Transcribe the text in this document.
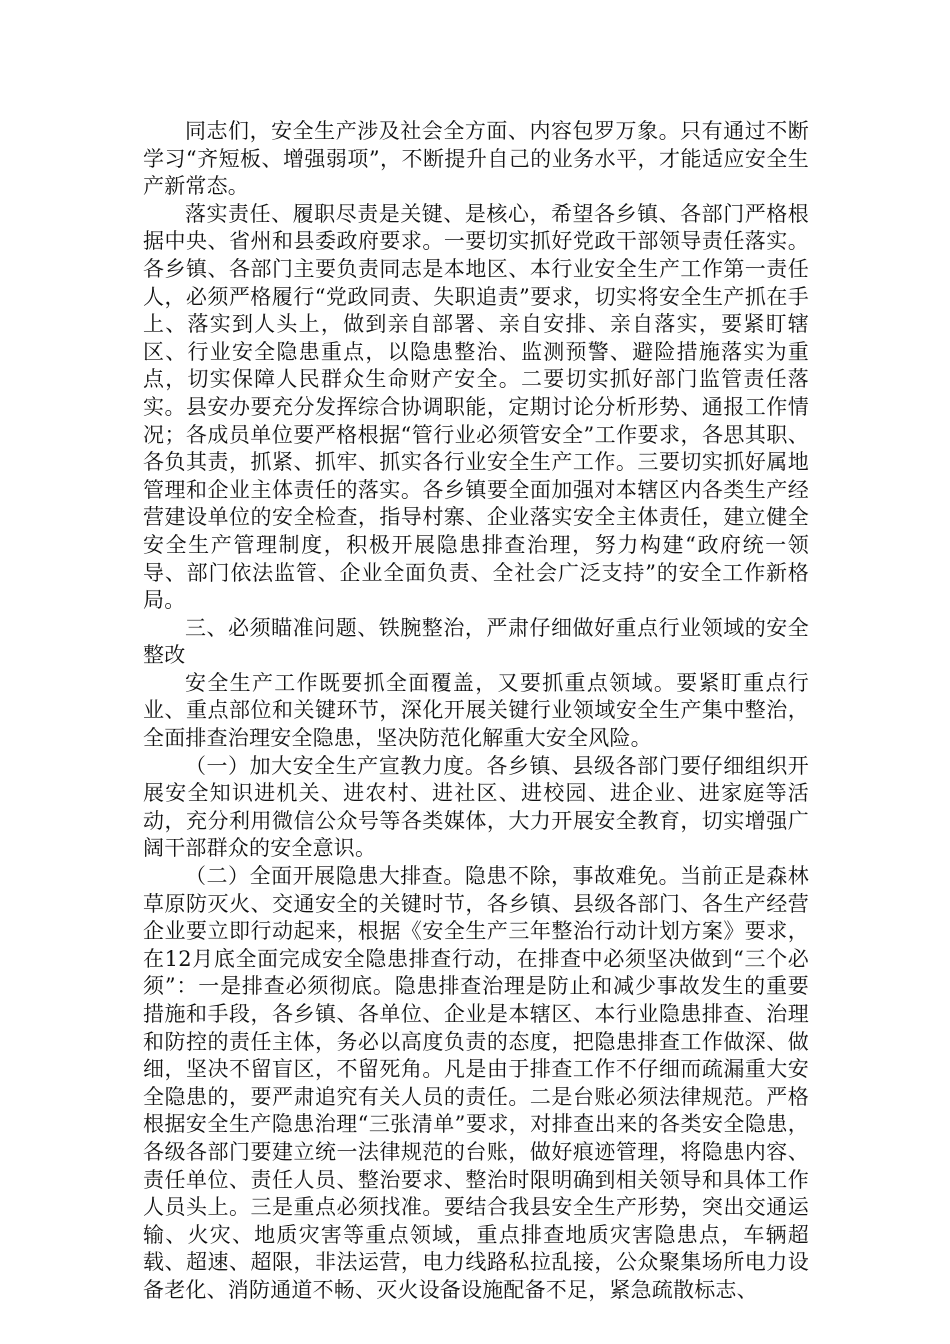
同志们，安全生产涉及社会全方面、内容包罗万象。只有通过不断学习“齐短板、增强弱项”，不断提升自己的业务水平，才能适应安全生产新常态。

落实责任、履职尽责是关键、是核心，希望各乡镇、各部门严格根据中央、省州和县委政府要求。一要切实抓好党政干部领导责任落实。各乡镇、各部门主要负责同志是本地区、本行业安全生产工作第一责任人，必须严格履行“党政同责、失职追责”要求，切实将安全生产抓在手上、落实到人头上，做到亲自部署、亲自安排、亲自落实，要紧盯辖区、行业安全隐患重点，以隐患整治、监测预警、避险措施落实为重点，切实保障人民群众生命财产安全。二要切实抓好部门监管责任落实。县安办要充分发挥综合协调职能，定期讨论分析形势、通报工作情况；各成员单位要严格根据“管行业必须管安全”工作要求，各思其职、各负其责，抓紧、抓牢、抓实各行业安全生产工作。三要切实抓好属地管理和企业主体责任的落实。各乡镇要全面加强对本辖区内各类生产经营建设单位的安全检查，指导村寨、企业落实安全主体责任，建立健全安全生产管理制度，积极开展隐患排查治理，努力构建“政府统一领导、部门依法监管、企业全面负责、全社会广泛支持”的安全工作新格局。

三、必须瞄准问题、铁腕整治，严肃仔细做好重点行业领域的安全整改

安全生产工作既要抓全面覆盖，又要抓重点领域。要紧盯重点行业、重点部位和关键环节，深化开展关键行业领域安全生产集中整治，全面排查治理安全隐患，坚决防范化解重大安全风险。

（一）加大安全生产宣教力度。各乡镇、县级各部门要仔细组织开展安全知识进机关、进农村、进社区、进校园、进企业、进家庭等活动，充分利用微信公众号等各类媒体，大力开展安全教育，切实增强广阔干部群众的安全意识。

（二）全面开展隐患大排查。隐患不除，事故难免。当前正是森林草原防灭火、交通安全的关键时节，各乡镇、县级各部门、各生产经营企业要立即行动起来，根据《安全生产三年整治行动计划方案》要求，在12月底全面完成安全隐患排查行动，在排查中必须坚决做到“三个必须”：一是排查必须彻底。隐患排查治理是防止和减少事故发生的重要措施和手段，各乡镇、各单位、企业是本辖区、本行业隐患排查、治理和防控的责任主体，务必以高度负责的态度，把隐患排查工作做深、做细，坚决不留盲区，不留死角。凡是由于排查工作不仔细而疏漏重大安全隐患的，要严肃追究有关人员的责任。二是台账必须法律规范。严格根据安全生产隐患治理“三张清单”要求，对排查出来的各类安全隐患，各级各部门要建立统一法律规范的台账，做好痕迹管理，将隐患内容、责任单位、责任人员、整治要求、整治时限明确到相关领导和具体工作人员头上。三是重点必须找准。要结合我县安全生产形势，突出交通运输、火灾、地质灾害等重点领域，重点排查地质灾害隐患点，车辆超载、超速、超限，非法运营，电力线路私拉乱接，公众聚集场所电力设备老化、消防通道不畅、灭火设备设施配备不足，紧急疏散标志、
